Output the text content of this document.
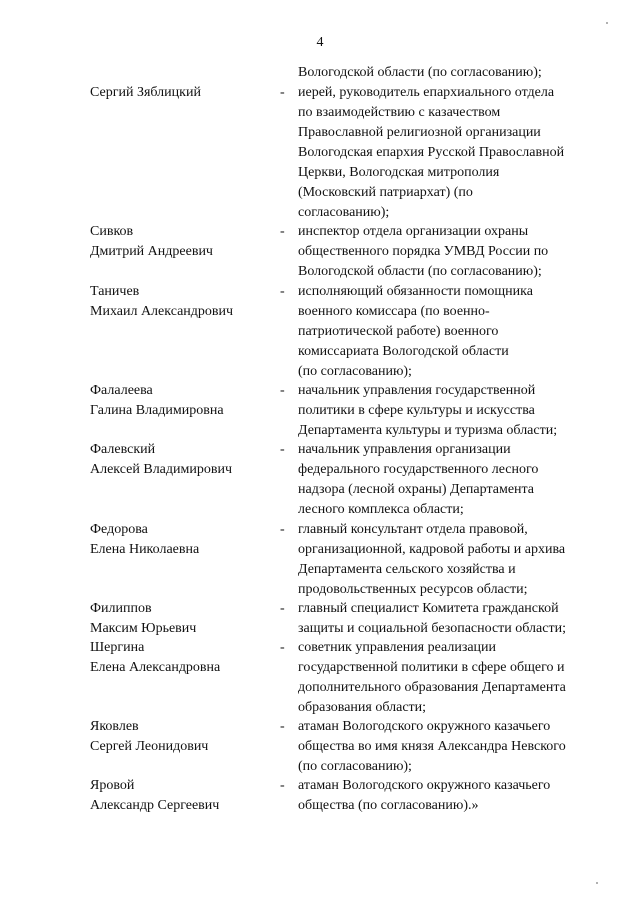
4
Вологодской области (по согласованию);
Сергий Зяблицкий	- иерей, руководитель епархиального отдела
по взаимодействию с казачеством
Православной религиозной организации
Вологодская епархия Русской Православной
Церкви, Вологодская митрополия
(Московский патриархат) (по
согласованию);
Сивков
Дмитрий Андреевич
- инспектор отдела организации охраны
общественного порядка УМВД России по
Вологодской области (по согласованию);
Таничев
Михаил Александрович
- исполняющий обязанности помощника
военного комиссара (по военно-
патриотической работе) военного
комиссариата Вологодской области
(по согласованию);
Фалалеева
Галина Владимировна
- начальник управления государственной
политики в сфере культуры и искусства
Департамента культуры и туризма области;
Фалевский
Алексей Владимирович
- начальник управления организации
федерального государственного лесного
надзора (лесной охраны) Департамента
лесного комплекса области;
Федорова
Елена Николаевна
- главный консультант отдела правовой,
организационной, кадровой работы и архива
Департамента сельского хозяйства и
продовольственных ресурсов области;
Филиппов
Максим Юрьевич
- главный специалист Комитета гражданской
защиты и социальной безопасности области;
Шергина
Елена Александровна
- советник управления реализации
государственной политики в сфере общего и
дополнительного образования Департамента
образования области;
Яковлев
Сергей Леонидович
- атаман Вологодского окружного казачьего
общества во имя князя Александра Невского
(по согласованию);
Яровой
Александр Сергеевич
- атаман Вологодского окружного казачьего
общества (по согласованию).»
